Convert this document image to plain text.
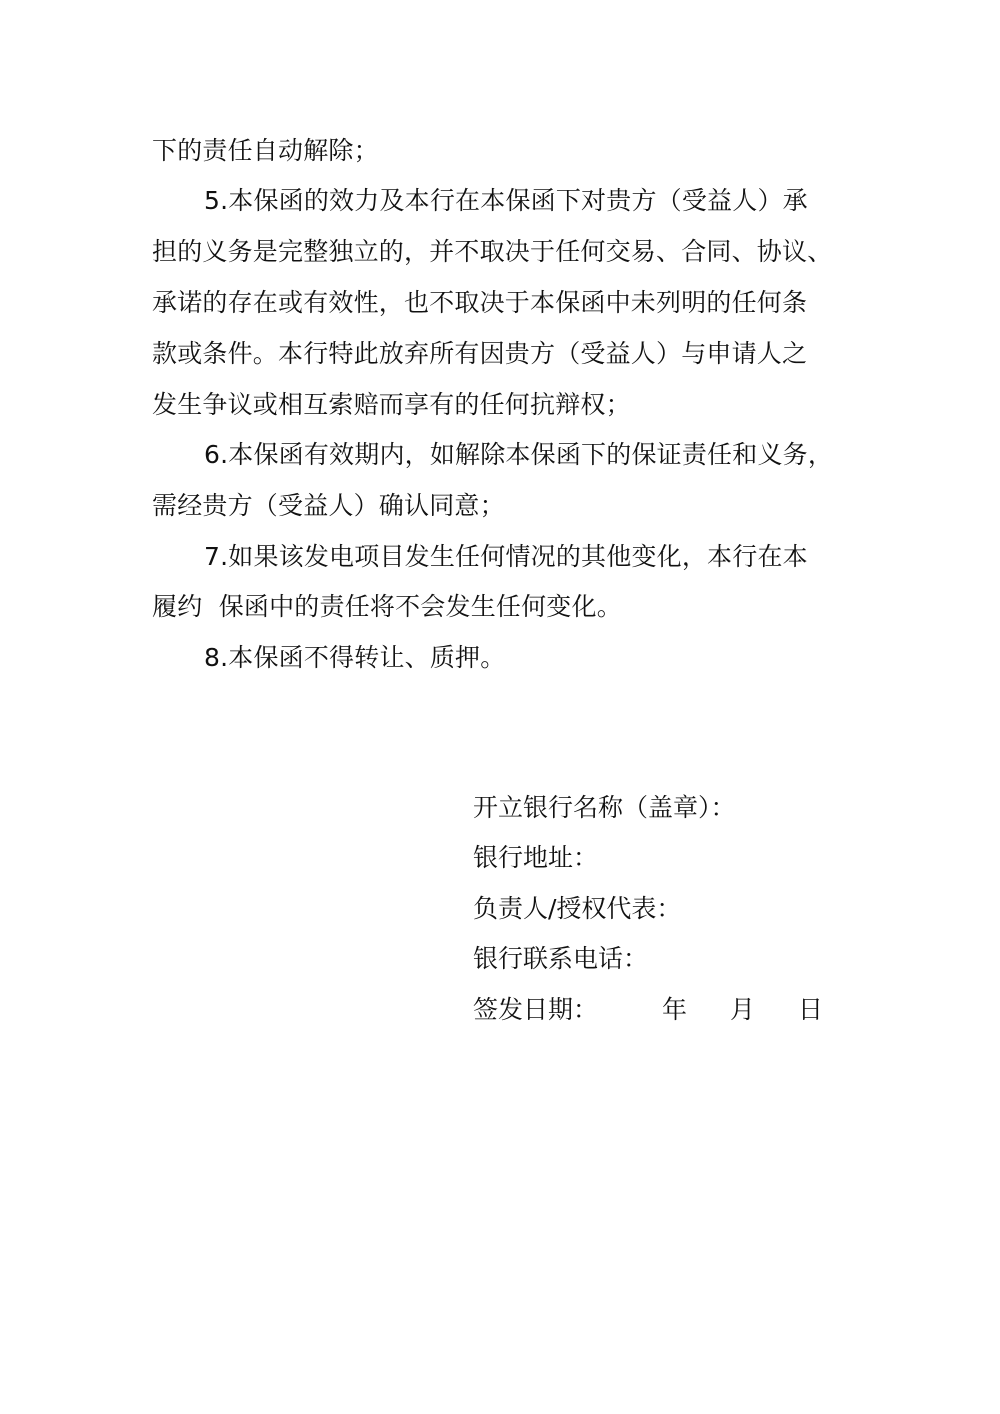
下的责任自动解除；
5.本保函的效力及本行在本保函下对贵方（受益人）承
担的义务是完整独立的，并不取决于任何交易、合同、协议、
承诺的存在或有效性，也不取决于本保函中未列明的任何条
款或条件。本行特此放弃所有因贵方（受益人）与申请人之
发生争议或相互索赔而享有的任何抗辩权；
6.本保函有效期内，如解除本保函下的保证责任和义务，
需经贵方（受益人）确认同意；
7.如果该发电项目发生任何情况的其他变化，本行在本
履约  保函中的责任将不会发生任何变化。
8.本保函不得转让、质押。
开立银行名称（盖章）：
银行地址：
负责人/授权代表：
银行联系电话：

签发日期：

	年

月

日
